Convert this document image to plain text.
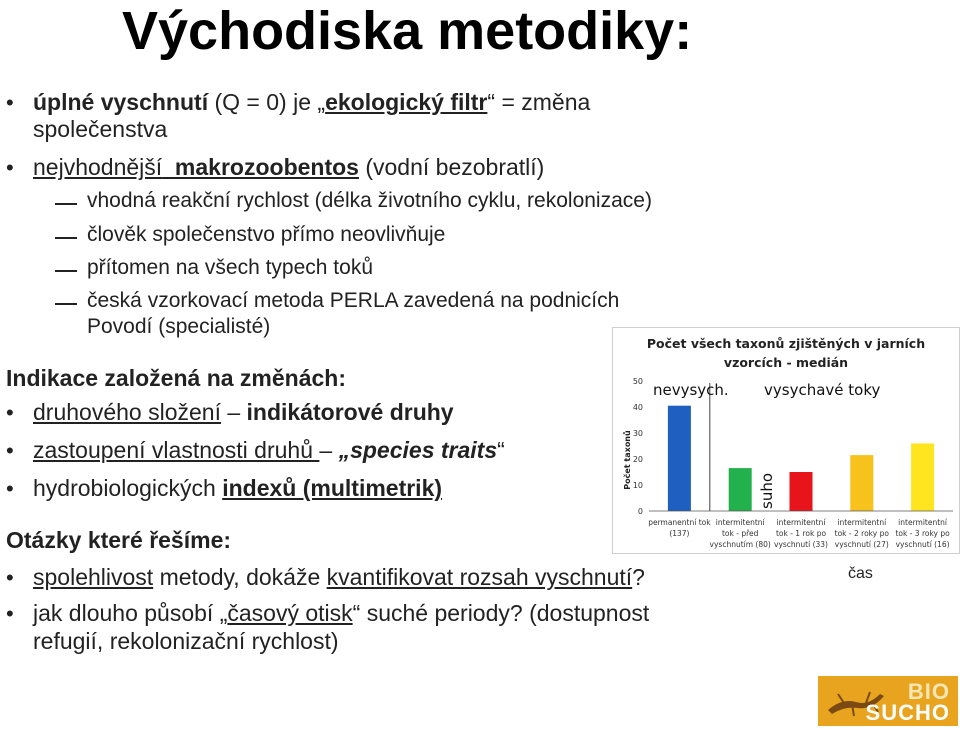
Východiska metodiky:
• úplné vyschnutí (Q = 0) je „ekologický filtr“ = změna
společenstva
• nejvhodnější  makrozoobentos (vodní bezobratlí)
vhodná reakční rychlost (délka životního cyklu, rekolonizace)
člověk společenstvo přímo neovlivňuje
přítomen na všech typech toků
česká vzorkovací metoda PERLA zavedená na podnicích
Povodí (specialisté)
Indikace založená na změnách:
• druhového složení – indikátorové druhy
• zastoupení vlastnosti druhů – „species traits“
• hydrobiologických indexů (multimetrik)
Otázky které řešíme:
• spolehlivost metody, dokáže kvantifikovat rozsah vyschnutí?
• jak dlouho působí „časový otisk“ suché periody? (dostupnost
refugií, rekolonizační rychlost)
Počet všech taxonů zjištěných v jarních
vzorcích - medián
Počet taxonů
0
10
20
30
40
50
permanentní tok
(137)
intermitentní
tok - před
vyschnutím (80)
intermitentní
tok - 1 rok po
vyschnutí (33)
intermitentní
tok - 2 roky po
vyschnutí (27)
intermitentní
tok - 3 roky po
vyschnutí (16)
nevysych. vysychavé toky
suho
čas
BIO
SUCHO
